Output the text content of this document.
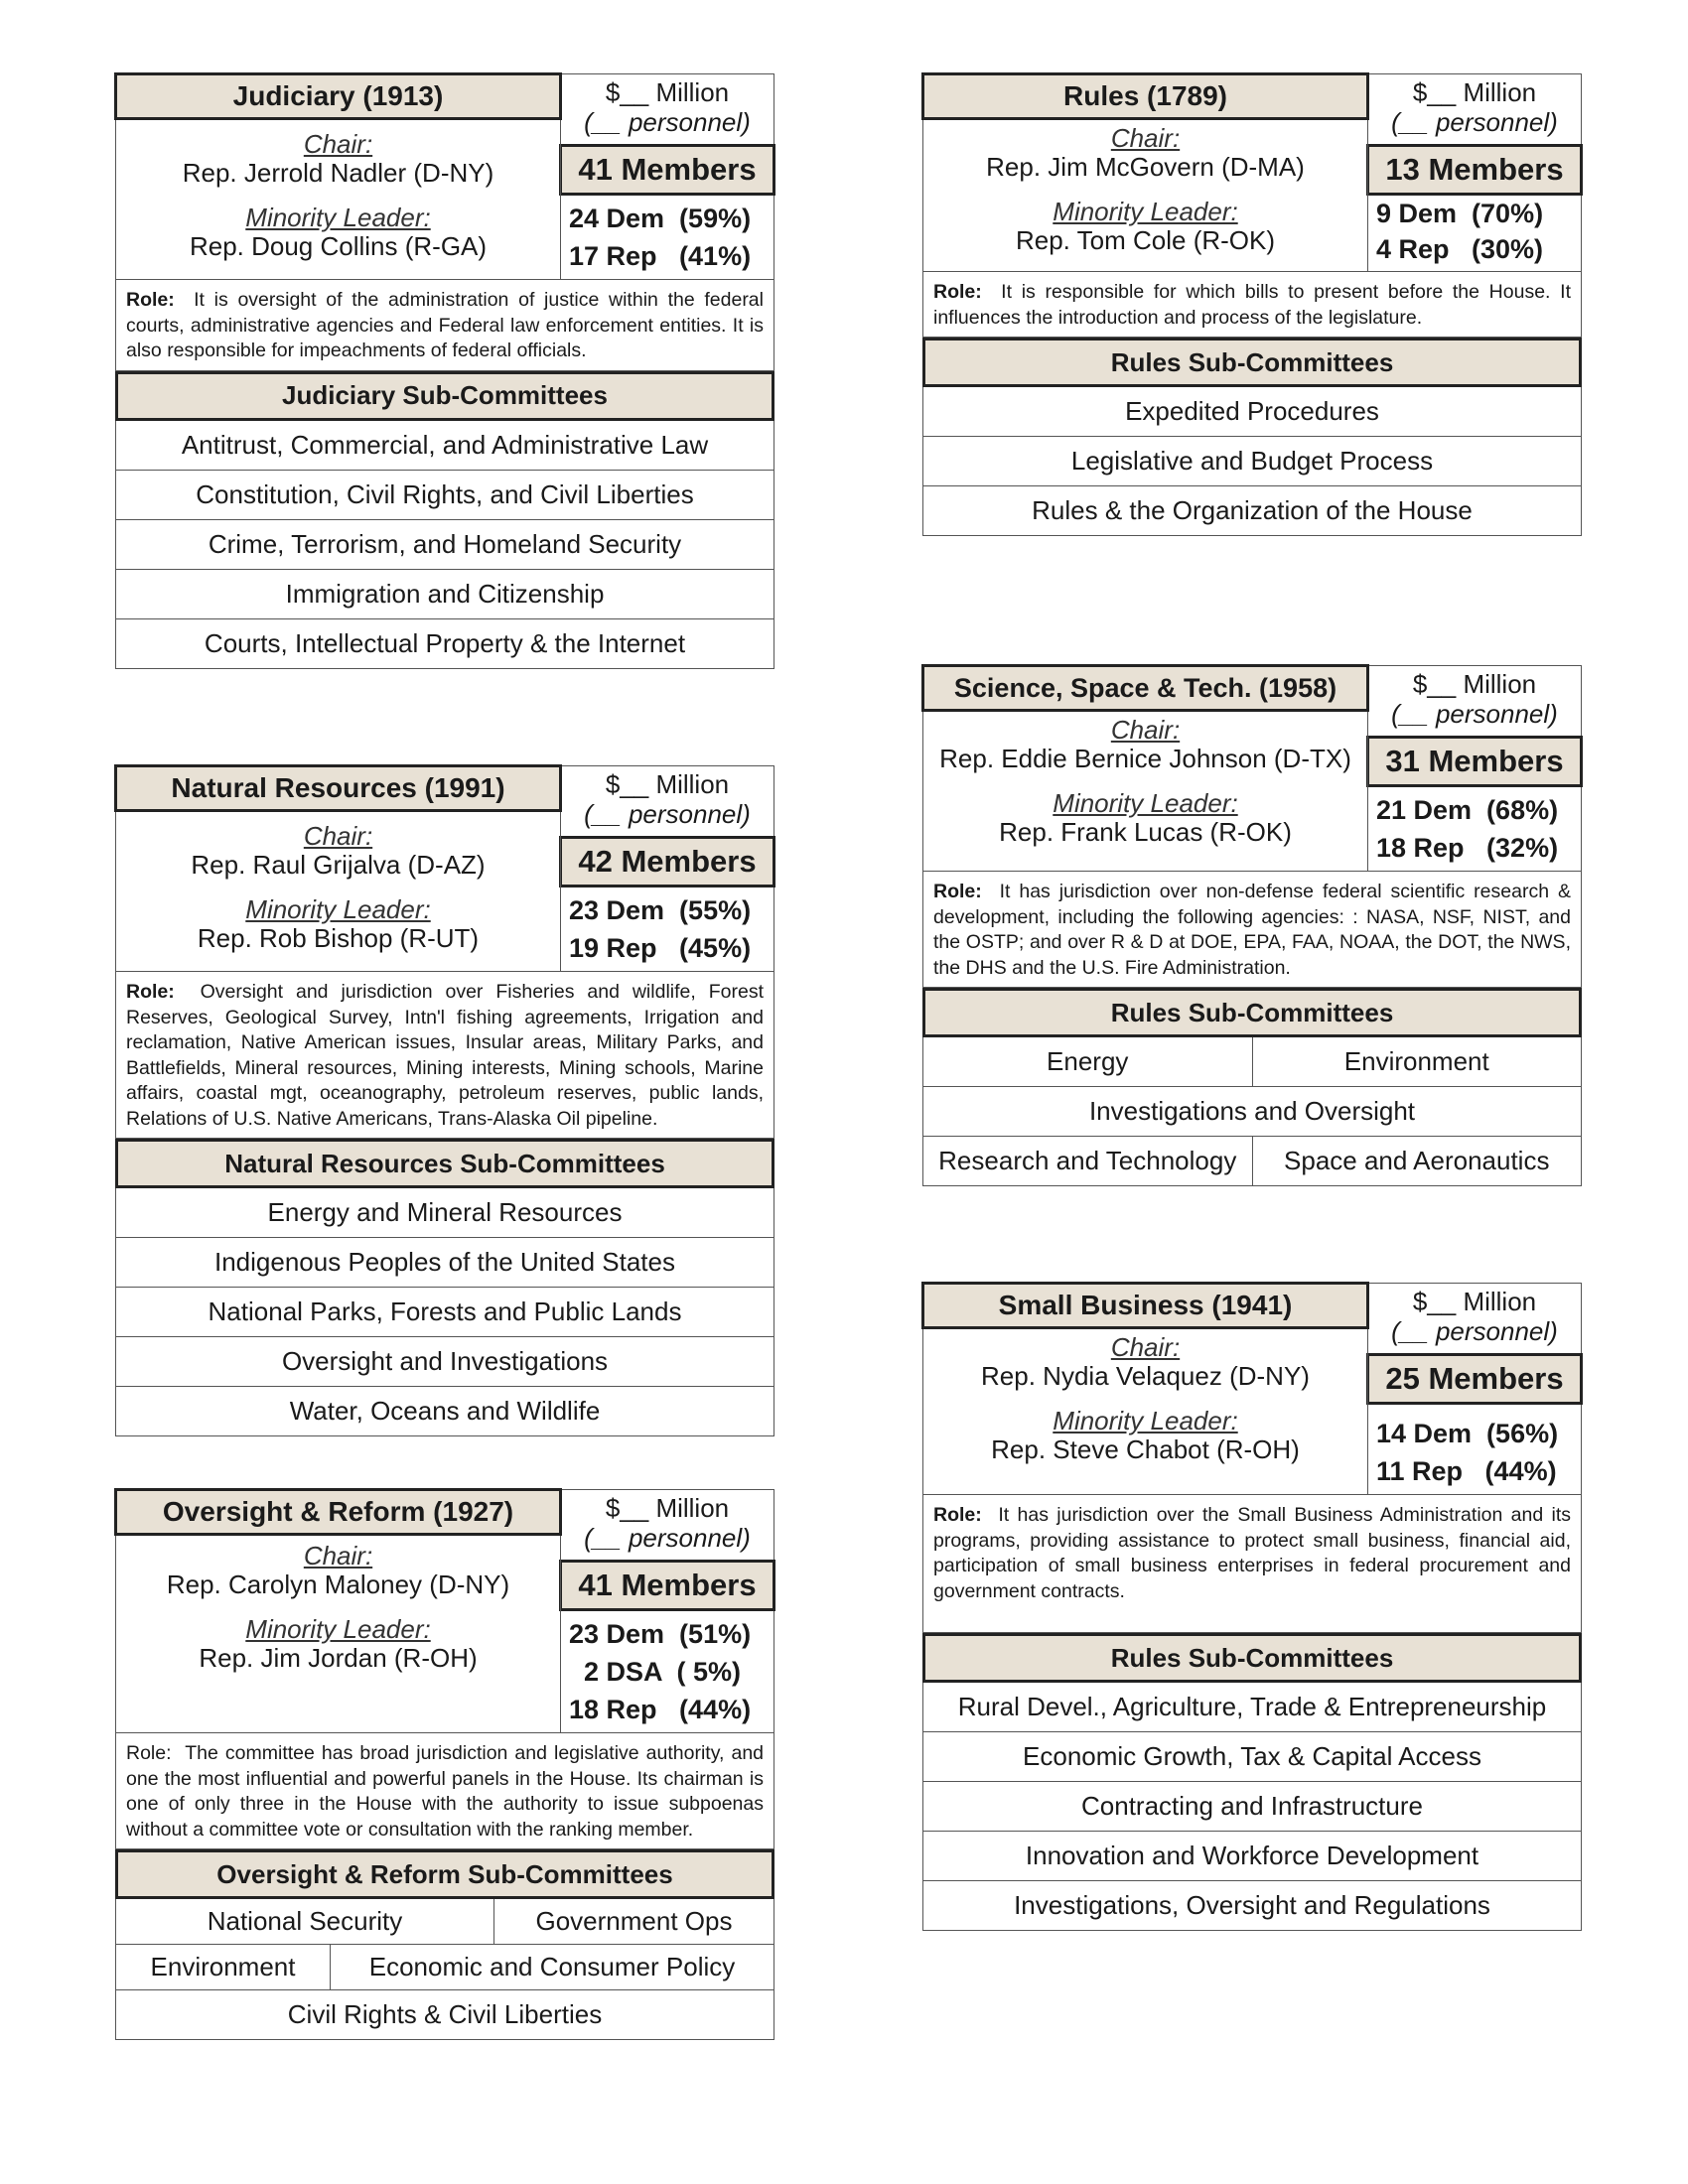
Judiciary (1913)
Chair:
Rep. Jerrold Nadler (D-NY)
Minority Leader:
Rep. Doug Collins (R-GA)
$__ Million
(__ personnel)
41 Members
24 Dem  (59%)
17 Rep   (41%)
Role: It is oversight of the administration of justice within the federal courts, administrative agencies and Federal law enforcement entities. It is also responsible for impeachments of federal officials.
Judiciary Sub-Committees
Antitrust, Commercial, and Administrative Law
Constitution, Civil Rights, and Civil Liberties
Crime, Terrorism, and Homeland Security
Immigration and Citizenship
Courts, Intellectual Property & the Internet
Natural Resources (1991)
Chair:
Rep. Raul Grijalva (D-AZ)
Minority Leader:
Rep. Rob Bishop (R-UT)
$__ Million
(__ personnel)
42 Members
23 Dem  (55%)
19 Rep   (45%)
Role: Oversight and jurisdiction over Fisheries and wildlife, Forest Reserves, Geological Survey, Intn'l fishing agreements, Irrigation and reclamation, Native American issues, Insular areas, Military Parks, and Battlefields, Mineral resources, Mining interests, Mining schools, Marine affairs, coastal mgt, oceanography, petroleum reserves, public lands, Relations of U.S. Native Americans, Trans-Alaska Oil pipeline.
Natural Resources Sub-Committees
Energy and Mineral Resources
Indigenous Peoples of the United States
National Parks, Forests and Public Lands
Oversight and Investigations
Water, Oceans and Wildlife
Oversight & Reform (1927)
Chair:
Rep. Carolyn Maloney (D-NY)
Minority Leader:
Rep. Jim Jordan (R-OH)
$__ Million
(__ personnel)
41 Members
23 Dem  (51%)
2 DSA  ( 5%)
18 Rep   (44%)
Role: The committee has broad jurisdiction and legislative authority, and one the most influential and powerful panels in the House. Its chairman is one of only three in the House with the authority to issue subpoenas without a committee vote or consultation with the ranking member.
Oversight & Reform Sub-Committees
National Security	Government Ops
Environment	Economic and Consumer Policy
Civil Rights & Civil Liberties
Rules (1789)
Chair:
Rep. Jim McGovern (D-MA)
Minority Leader:
Rep. Tom Cole (R-OK)
$__ Million
(__ personnel)
13 Members
9 Dem  (70%)
4 Rep   (30%)
Role: It is responsible for which bills to present before the House. It influences the introduction and process of the legislature.
Rules Sub-Committees
Expedited Procedures
Legislative and Budget Process
Rules & the Organization of the House
Science, Space & Tech. (1958)
Chair:
Rep. Eddie Bernice Johnson (D-TX)
Minority Leader:
Rep. Frank Lucas (R-OK)
$__ Million
(__ personnel)
31 Members
21 Dem  (68%)
18 Rep   (32%)
Role: It has jurisdiction over non-defense federal scientific research & development, including the following agencies: : NASA, NSF, NIST, and the OSTP; and over R & D at DOE, EPA, FAA, NOAA, the DOT, the NWS, the DHS and the U.S. Fire Administration.
Rules Sub-Committees
Energy	Environment
Investigations and Oversight
Research and Technology	Space and Aeronautics
Small Business (1941)
Chair:
Rep. Nydia Velaquez (D-NY)
Minority Leader:
Rep. Steve Chabot (R-OH)
$__ Million
(__ personnel)
25 Members
14 Dem  (56%)
11 Rep   (44%)
Role: It has jurisdiction over the Small Business Administration and its programs, providing assistance to protect small business, financial aid, participation of small business enterprises in federal procurement and government contracts.
Rules Sub-Committees
Rural Devel., Agriculture, Trade & Entrepreneurship
Economic Growth, Tax & Capital Access
Contracting and Infrastructure
Innovation and Workforce Development
Investigations, Oversight and Regulations
